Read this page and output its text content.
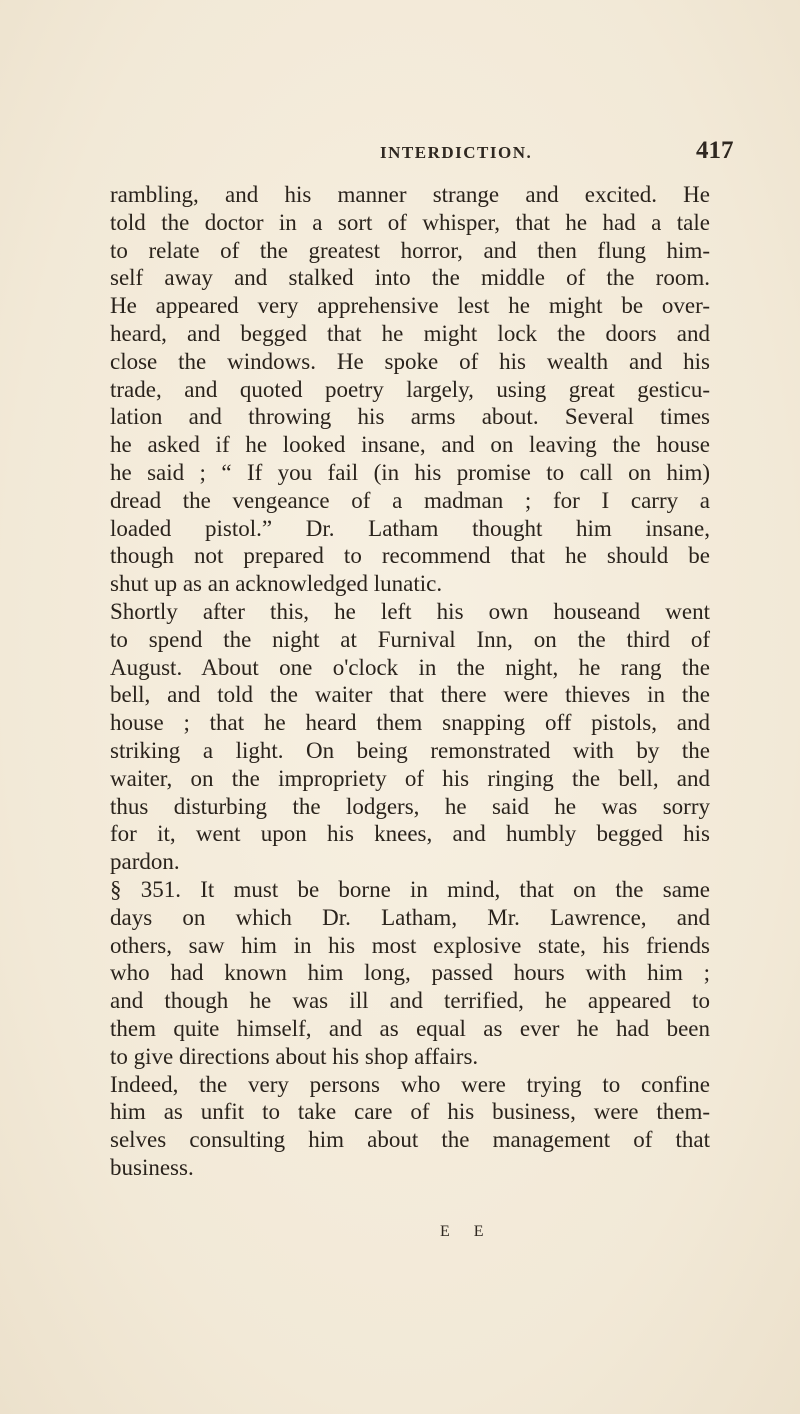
INTERDICTION.	417
rambling, and his manner strange and excited. He
told the doctor in a sort of whisper, that he had a tale
to relate of the greatest horror, and then flung him-
self away and stalked into the middle of the room.
He appeared very apprehensive lest he might be over-
heard, and begged that he might lock the doors and
close the windows. He spoke of his wealth and his
trade, and quoted poetry largely, using great gesticu-
lation and throwing his arms about. Several times
he asked if he looked insane, and on leaving the house
he said ; “ If you fail (in his promise to call on him)
dread the vengeance of a madman ; for I carry a
loaded pistol.” Dr. Latham thought him insane,
though not prepared to recommend that he should be
shut up as an acknowledged lunatic.
Shortly after this, he left his own houseand went
to spend the night at Furnival Inn, on the third of
August. About one o'clock in the night, he rang the
bell, and told the waiter that there were thieves in the
house ; that he heard them snapping off pistols, and
striking a light. On being remonstrated with by the
waiter, on the impropriety of his ringing the bell, and
thus disturbing the lodgers, he said he was sorry
for it, went upon his knees, and humbly begged his
pardon.
§ 351. It must be borne in mind, that on the same
days on which Dr. Latham, Mr. Lawrence, and
others, saw him in his most explosive state, his friends
who had known him long, passed hours with him ;
and though he was ill and terrified, he appeared to
them quite himself, and as equal as ever he had been
to give directions about his shop affairs.
Indeed, the very persons who were trying to confine
him as unfit to take care of his business, were them-
selves consulting him about the management of that
business.
E E
